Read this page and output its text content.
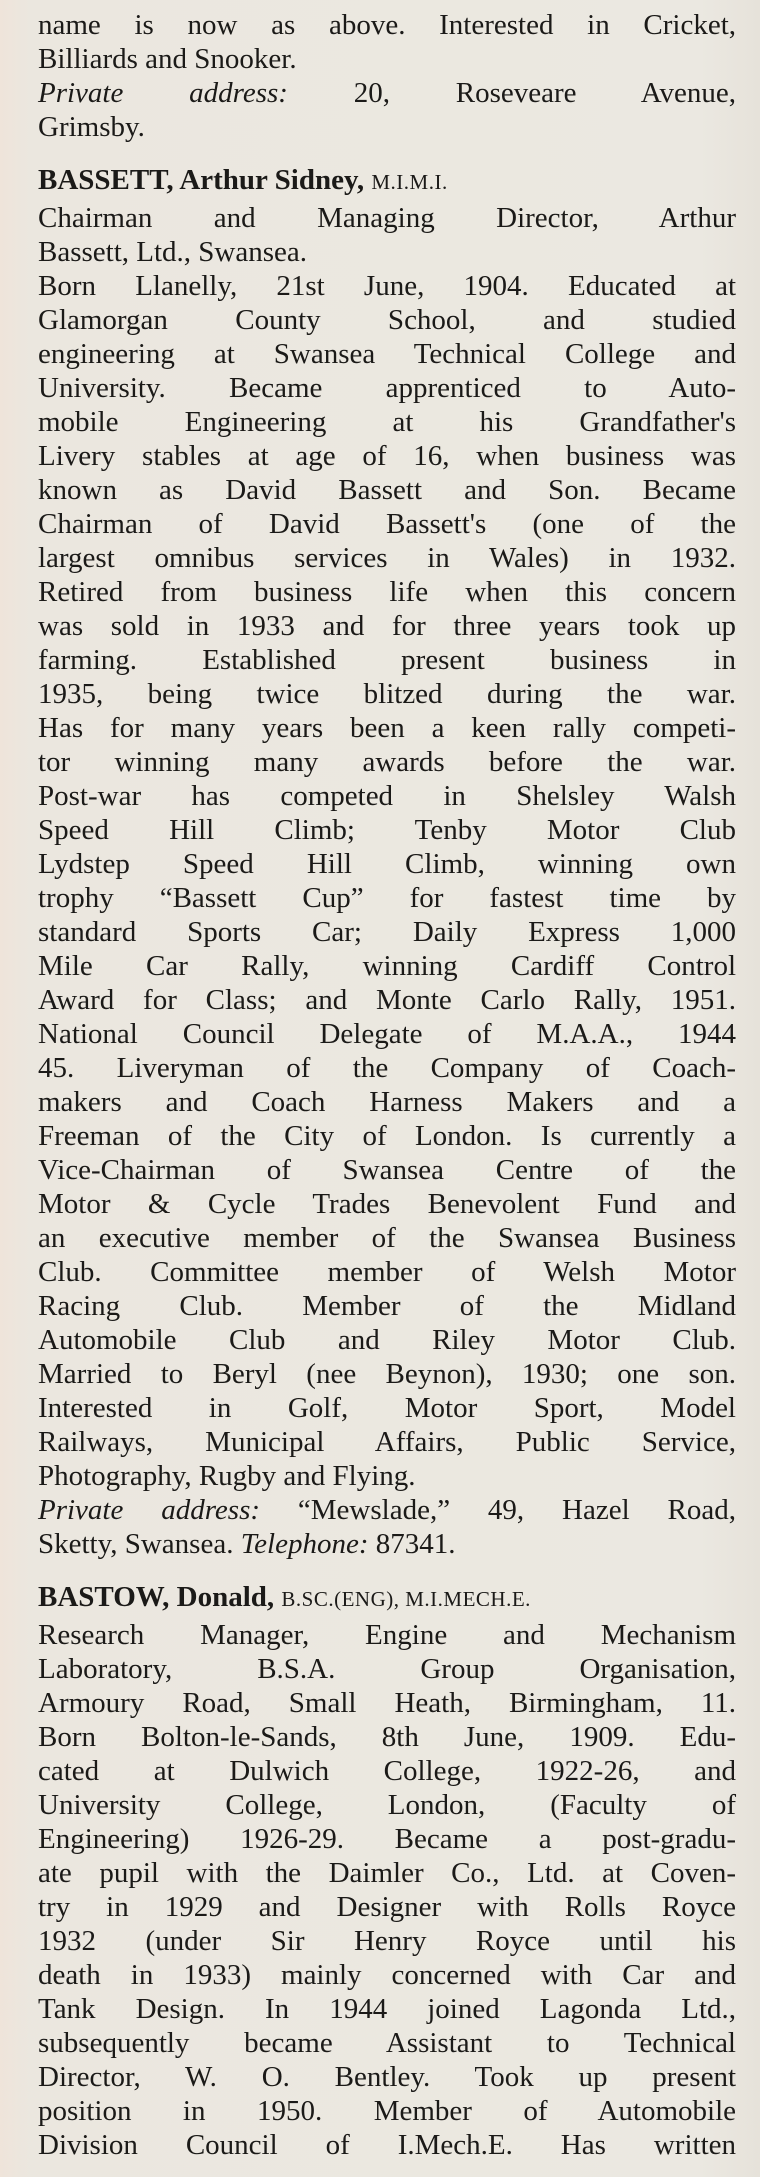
name is now as above. Interested in Cricket,
Billiards and Snooker.
Private address: 20, Roseveare Avenue,
Grimsby.
BASSETT, Arthur Sidney, M.I.M.I.
Chairman and Managing Director, Arthur
Bassett, Ltd., Swansea.
Born Llanelly, 21st June, 1904. Educated at
Glamorgan County School, and studied
engineering at Swansea Technical College and
University. Became apprenticed to Auto-
mobile Engineering at his Grandfather's
Livery stables at age of 16, when business was
known as David Bassett and Son. Became
Chairman of David Bassett's (one of the
largest omnibus services in Wales) in 1932.
Retired from business life when this concern
was sold in 1933 and for three years took up
farming. Established present business in
1935, being twice blitzed during the war.
Has for many years been a keen rally competi-
tor winning many awards before the war.
Post-war has competed in Shelsley Walsh
Speed Hill Climb; Tenby Motor Club
Lydstep Speed Hill Climb, winning own
trophy “Bassett Cup” for fastest time by
standard Sports Car; Daily Express 1,000
Mile Car Rally, winning Cardiff Control
Award for Class; and Monte Carlo Rally, 1951.
National Council Delegate of M.A.A., 1944
45. Liveryman of the Company of Coach-
makers and Coach Harness Makers and a
Freeman of the City of London. Is currently a
Vice-Chairman of Swansea Centre of the
Motor & Cycle Trades Benevolent Fund and
an executive member of the Swansea Business
Club. Committee member of Welsh Motor
Racing Club. Member of the Midland
Automobile Club and Riley Motor Club.
Married to Beryl (nee Beynon), 1930; one son.
Interested in Golf, Motor Sport, Model
Railways, Municipal Affairs, Public Service,
Photography, Rugby and Flying.
Private address: “Mewslade,” 49, Hazel Road,
Sketty, Swansea. Telephone: 87341.
BASTOW, Donald, B.SC.(ENG), M.I.MECH.E.
Research Manager, Engine and Mechanism
Laboratory, B.S.A. Group Organisation,
Armoury Road, Small Heath, Birmingham, 11.
Born Bolton-le-Sands, 8th June, 1909. Edu-
cated at Dulwich College, 1922-26, and
University College, London, (Faculty of
Engineering) 1926-29. Became a post-gradu-
ate pupil with the Daimler Co., Ltd. at Coven-
try in 1929 and Designer with Rolls Royce
1932 (under Sir Henry Royce until his
death in 1933) mainly concerned with Car and
Tank Design. In 1944 joined Lagonda Ltd.,
subsequently became Assistant to Technical
Director, W. O. Bentley. Took up present
position in 1950. Member of Automobile
Division Council of I.Mech.E. Has written
